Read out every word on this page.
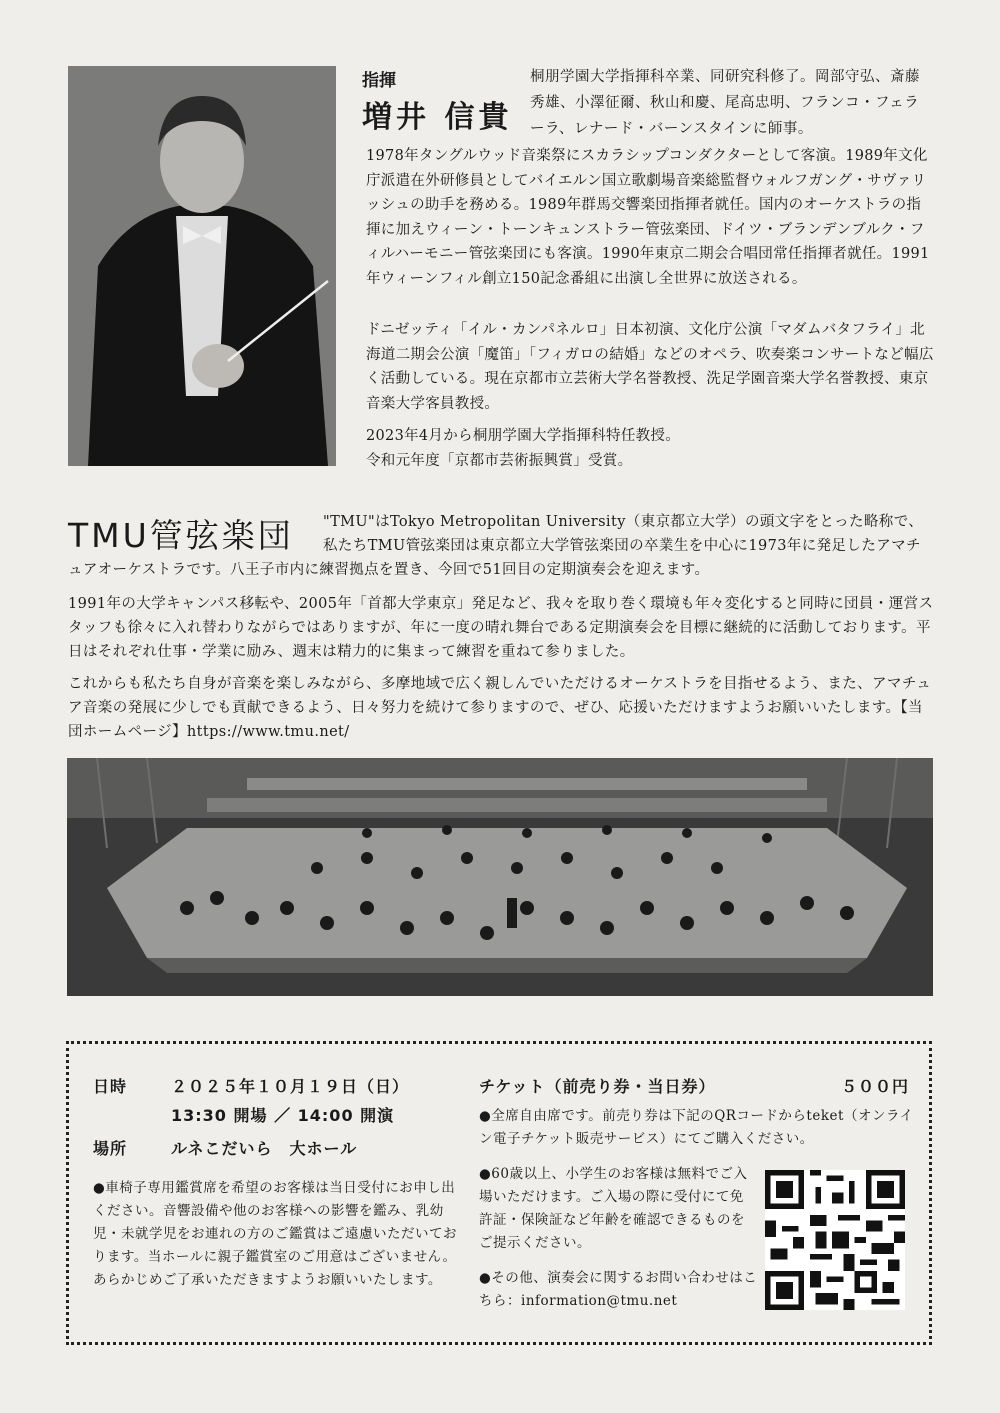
指揮
増井 信貴
桐朋学園大学指揮科卒業、同研究科修了。岡部守弘、斎藤秀雄、小澤征爾、秋山和慶、尾高忠明、フランコ・フェラーラ、レナード・バーンスタインに師事。

1978年タングルウッド音楽祭にスカラシップコンダクターとして客演。1989年文化庁派遣在外研修員としてバイエルン国立歌劇場音楽総監督ウォルフガング・サヴァリッシュの助手を務める。1989年群馬交響楽団指揮者就任。国内のオーケストラの指揮に加えウィーン・トーンキュンストラー管弦楽団、ドイツ・ブランデンブルク・フィルハーモニー管弦楽団にも客演。1990年東京二期会合唱団常任指揮者就任。1991年ウィーンフィル創立150記念番組に出演し全世界に放送される。

ドニゼッティ「イル・カンパネルロ」日本初演、文化庁公演「マダムバタフライ」北海道二期会公演「魔笛」「フィガロの結婚」などのオペラ、吹奏楽コンサートなど幅広く活動している。現在京都市立芸術大学名誉教授、洗足学園音楽大学名誉教授、東京音楽大学客員教授。

2023年4月から桐朋学園大学指揮科特任教授。

令和元年度「京都市芸術振興賞」受賞。

TMU管弦楽団	"TMU"はTokyo Metropolitan University（東京都立大学）の頭文字をとった略称で、私たちTMU管弦楽団は東京都立大学管弦楽団の卒業生を中心に1973年に発足したアマチュアオーケストラです。八王子市内に練習拠点を置き、今回で51回目の定期演奏会を迎えます。

1991年の大学キャンパス移転や、2005年「首都大学東京」発足など、我々を取り巻く環境も年々変化すると同時に団員・運営スタッフも徐々に入れ替わりながらではありますが、年に一度の晴れ舞台である定期演奏会を目標に継続的に活動しております。平日はそれぞれ仕事・学業に励み、週末は精力的に集まって練習を重ねて参りました。

これからも私たち自身が音楽を楽しみながら、多摩地域で広く親しんでいただけるオーケストラを目指せるよう、また、アマチュア音楽の発展に少しでも貢献できるよう、日々努力を続けて参りますので、ぜひ、応援いただけますようお願いいたします。【当団ホームページ】https://www.tmu.net/

日時	２０２５年１０月１９日（日）
13:30 開場 ／ 14:00 開演
場所	ルネこだいら　大ホール
●車椅子専用鑑賞席を希望のお客様は当日受付にお申し出ください。音響設備や他のお客様への影響を鑑み、乳幼児・未就学児をお連れの方のご鑑賞はご遠慮いただいております。当ホールに親子鑑賞室のご用意はございません。あらかじめご了承いただきますようお願いいたします。
チケット（前売り券・当日券）	５００円
●全席自由席です。前売り券は下記のQRコードからteket（オンライン電子チケット販売サービス）にてご購入ください。
●60歳以上、小学生のお客様は無料でご入場いただけます。ご入場の際に受付にて免許証・保険証など年齢を確認できるものをご提示ください。
●その他、演奏会に関するお問い合わせはこちら：information@tmu.net
